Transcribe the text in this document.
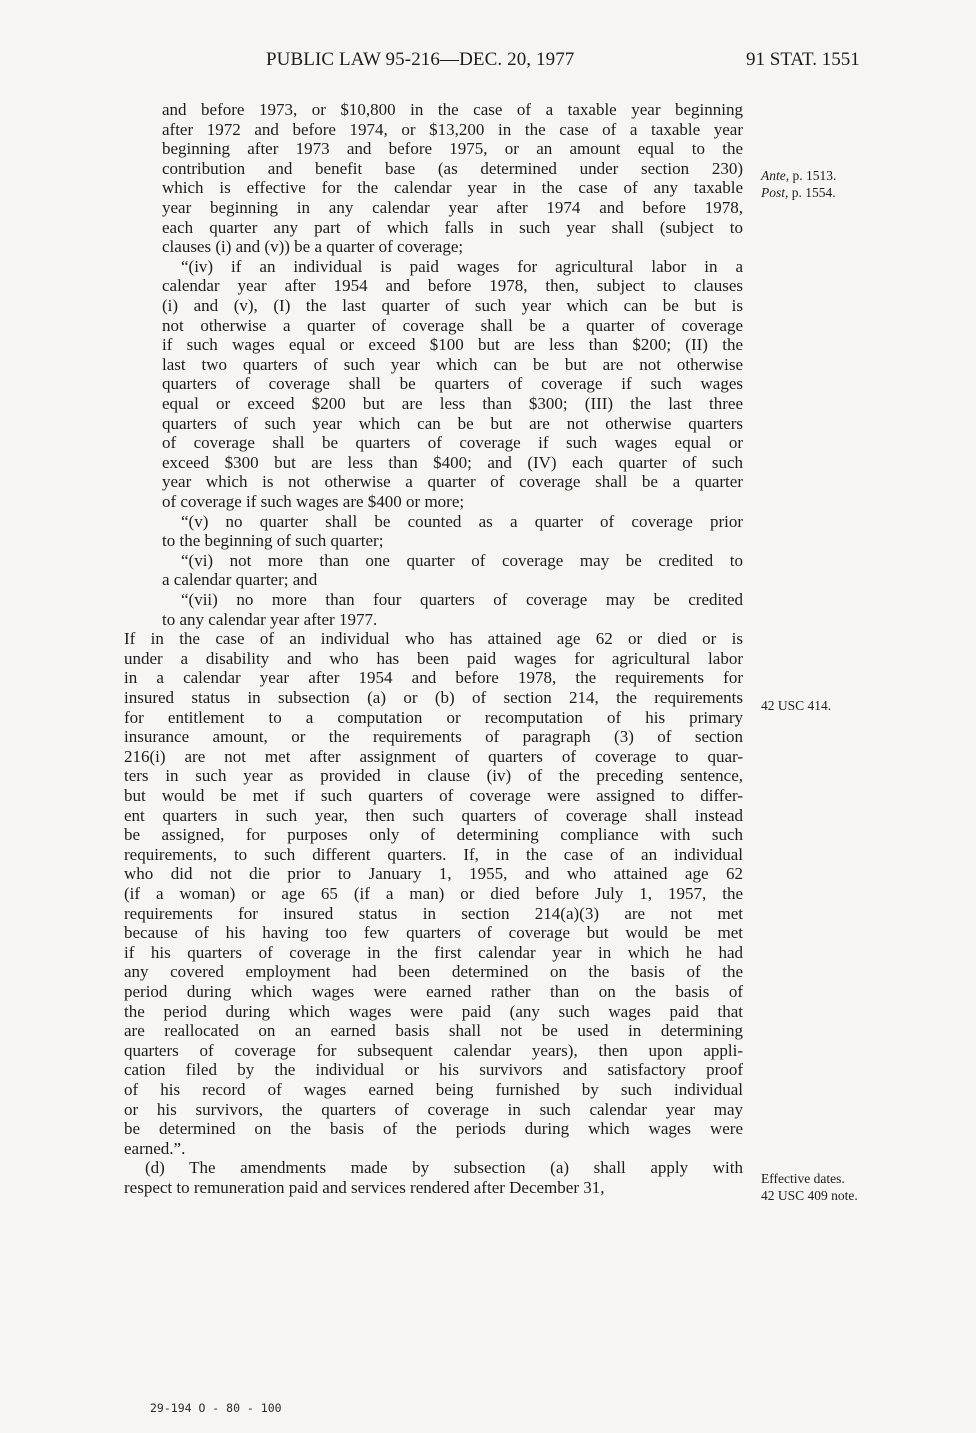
PUBLIC LAW 95-216—DEC. 20, 1977	91 STAT. 1551
and before 1973, or $10,800 in the case of a taxable year beginning
after 1972 and before 1974, or $13,200 in the case of a taxable year
beginning after 1973 and before 1975, or an amount equal to the
contribution and benefit base (as determined under section 230)
which is effective for the calendar year in the case of any taxable
year beginning in any calendar year after 1974 and before 1978,
each quarter any part of which falls in such year shall (subject to
clauses (i) and (v)) be a quarter of coverage;
“(iv) if an individual is paid wages for agricultural labor in a
calendar year after 1954 and before 1978, then, subject to clauses
(i) and (v), (I) the last quarter of such year which can be but is
not otherwise a quarter of coverage shall be a quarter of coverage
if such wages equal or exceed $100 but are less than $200; (II) the
last two quarters of such year which can be but are not otherwise
quarters of coverage shall be quarters of coverage if such wages
equal or exceed $200 but are less than $300; (III) the last three
quarters of such year which can be but are not otherwise quarters
of coverage shall be quarters of coverage if such wages equal or
exceed $300 but are less than $400; and (IV) each quarter of such
year which is not otherwise a quarter of coverage shall be a quarter
of coverage if such wages are $400 or more;
“(v) no quarter shall be counted as a quarter of coverage prior
to the beginning of such quarter;
“(vi) not more than one quarter of coverage may be credited to
a calendar quarter; and
“(vii) no more than four quarters of coverage may be credited
to any calendar year after 1977.
If in the case of an individual who has attained age 62 or died or is
under a disability and who has been paid wages for agricultural labor
in a calendar year after 1954 and before 1978, the requirements for
insured status in subsection (a) or (b) of section 214, the requirements
for entitlement to a computation or recomputation of his primary
insurance amount, or the requirements of paragraph (3) of section
216(i) are not met after assignment of quarters of coverage to quar-
ters in such year as provided in clause (iv) of the preceding sentence,
but would be met if such quarters of coverage were assigned to differ-
ent quarters in such year, then such quarters of coverage shall instead
be assigned, for purposes only of determining compliance with such
requirements, to such different quarters. If, in the case of an individual
who did not die prior to January 1, 1955, and who attained age 62
(if a woman) or age 65 (if a man) or died before July 1, 1957, the
requirements for insured status in section 214(a)(3) are not met
because of his having too few quarters of coverage but would be met
if his quarters of coverage in the first calendar year in which he had
any covered employment had been determined on the basis of the
period during which wages were earned rather than on the basis of
the period during which wages were paid (any such wages paid that
are reallocated on an earned basis shall not be used in determining
quarters of coverage for subsequent calendar years), then upon appli-
cation filed by the individual or his survivors and satisfactory proof
of his record of wages earned being furnished by such individual
or his survivors, the quarters of coverage in such calendar year may
be determined on the basis of the periods during which wages were
earned.”.
(d) The amendments made by subsection (a) shall apply with
respect to remuneration paid and services rendered after December 31,
Ante, p. 1513.
Post, p. 1554.
42 USC 414.
Effective dates.
42 USC 409 note.
29-194 O - 80 - 100
